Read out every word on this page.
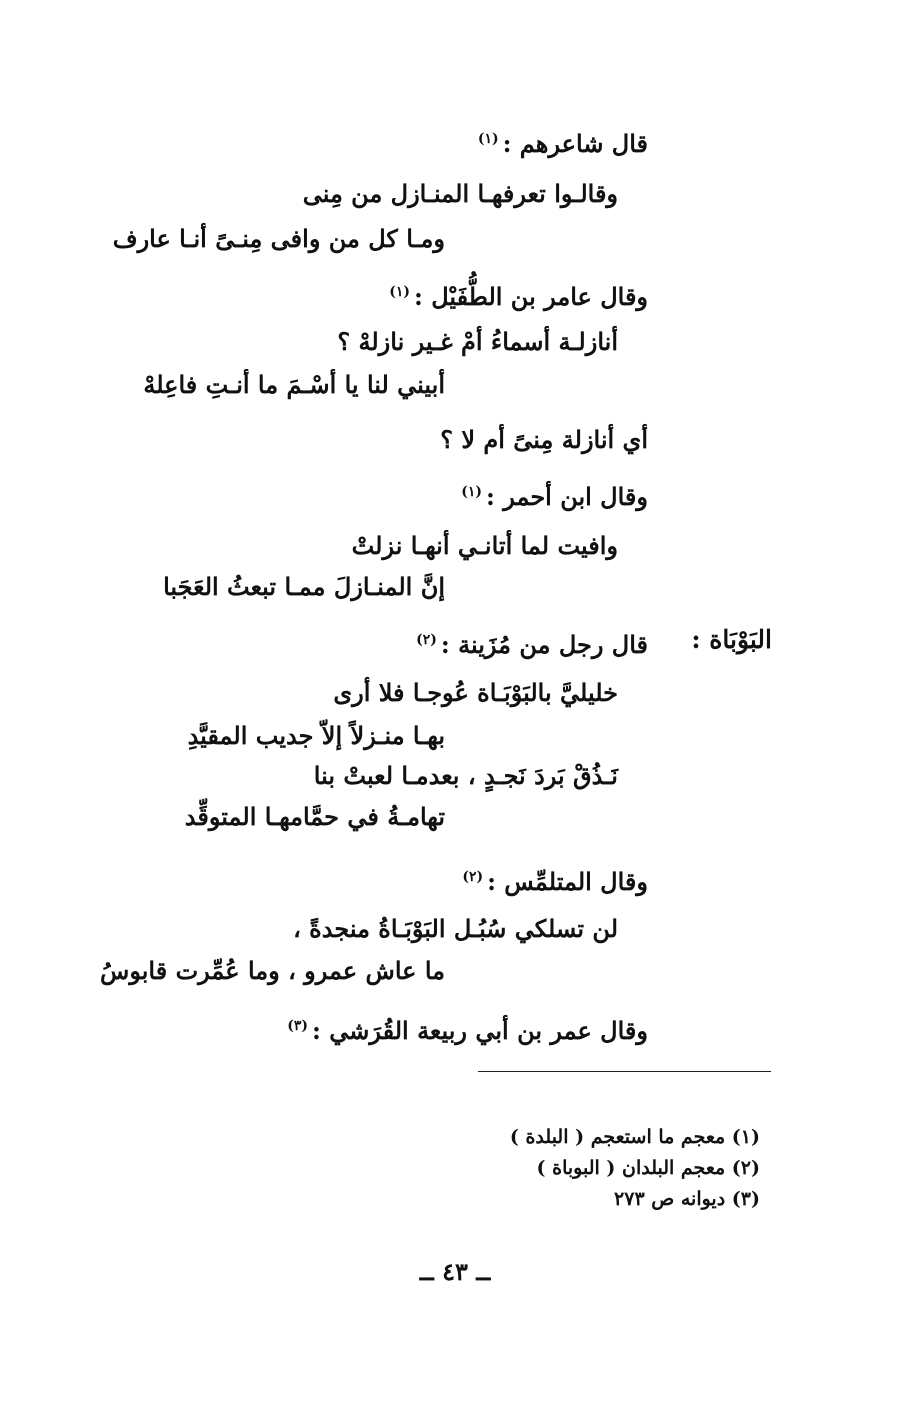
قال شاعرهم :$^{(١)}$
وقالـوا تعرفهـا المنـازل من مِنى
ومـا كل من وافى مِنـىً أنـا عارف
وقال عامر بن الطُّفَيْل :$^{(١)}$
أنازلـة أسماءُ أمْ غـير نازلهْ ؟
أبيني لنا يا أسْـمَ ما أنـتِ فاعِلهْ
أي أنازلة مِنىً أم لا ؟
وقال ابن أحمر :$^{(١)}$
وافيت لما أتانـي أنهـا نزلتْ
إنَّ المنـازلَ ممـا تبعثُ العَجَبا
البَوْبَاة :
قال رجل من مُزَينة :$^{(٢)}$
خليليَّ بالبَوْبَـاة عُوجـا فلا أرى
بهـا منـزلاً إلاّ جديب المقيَّدِ
نَـذُقْ بَردَ نَجـدٍ ، بعدمـا لعبتْ بنا
تهامـةُ في حمَّامهـا المتوقِّد
وقال المتلمِّس :$^{(٢)}$
لن تسلكي سُبُـل البَوْبَـاةُ منجدةً ،
ما عاش عمرو ، وما عُمِّرت قابوسُ
وقال عمر بن أبي ربيعة القُرَشي :$^{(٣)}$
(١) معجم ما استعجم ( البلدة )
(٢) معجم البلدان ( البوباة )
(٣) ديوانه ص ٢٧٣
ــ ٤٣ ــ
